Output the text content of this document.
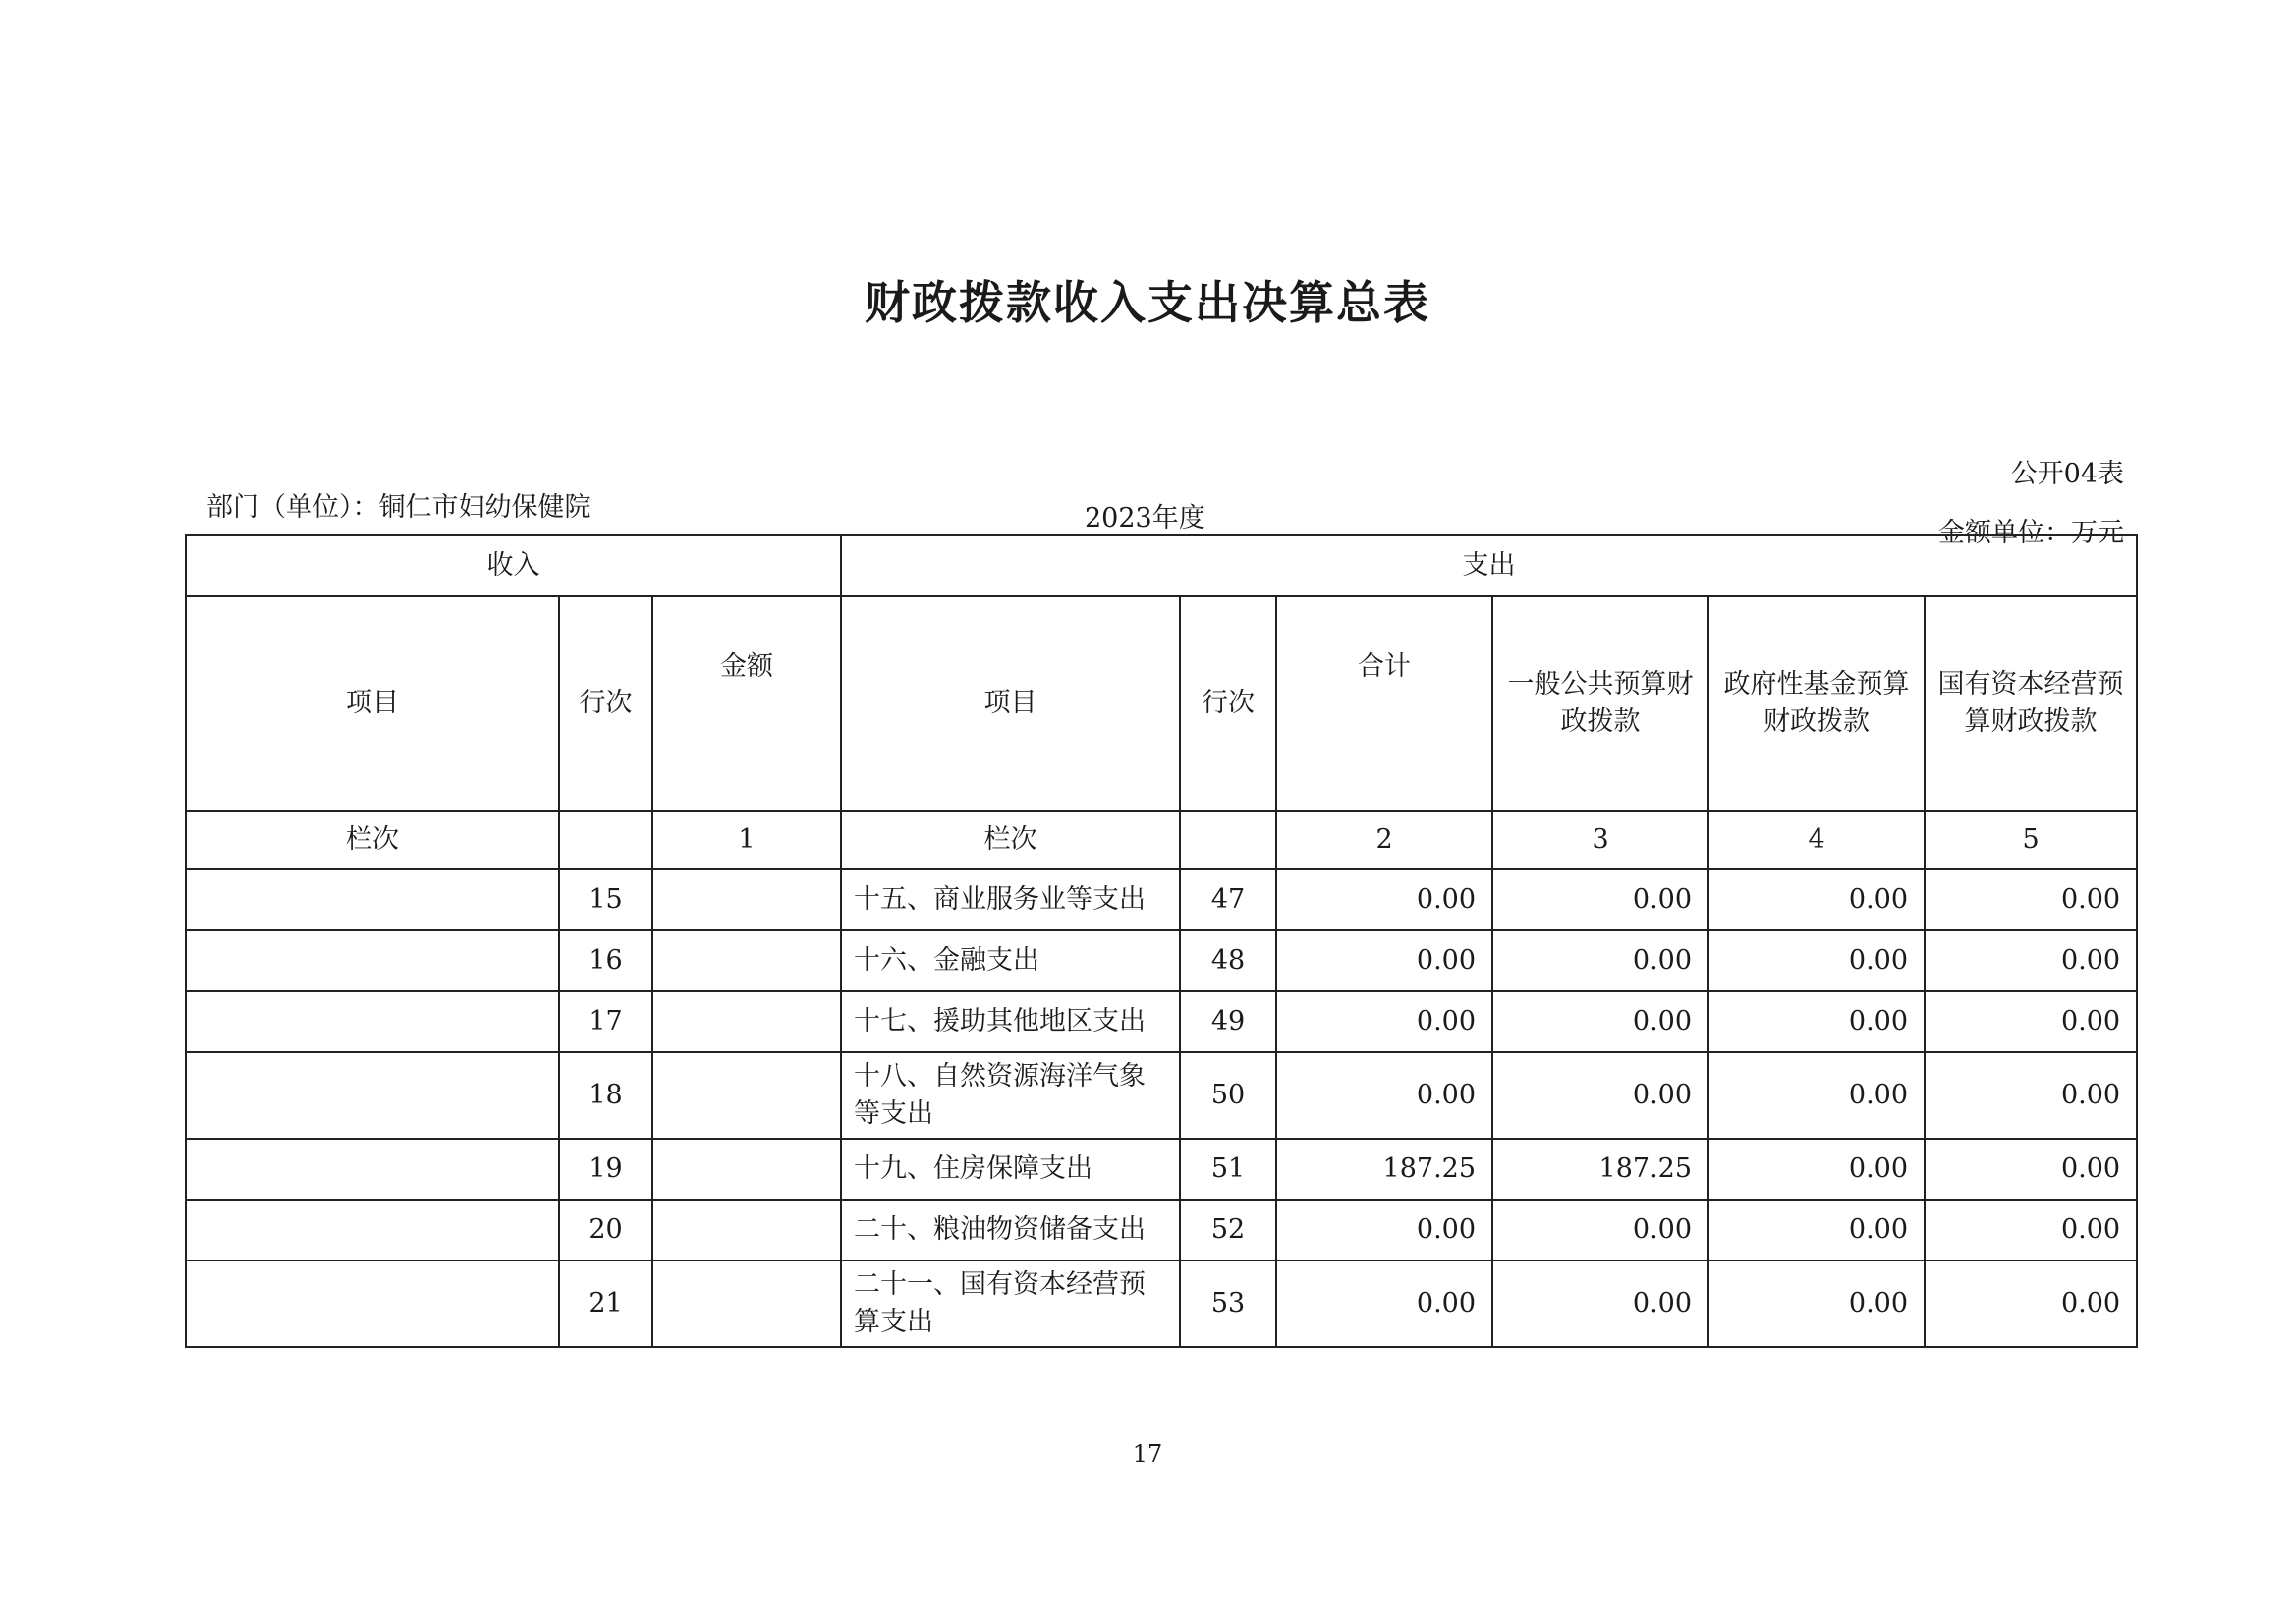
财政拨款收入支出决算总表
公开04表
部门（单位）：铜仁市妇幼保健院	2023年度	金额单位：万元
收入			支出					
项目	行次	金额	项目	行次	合计	一般公共预算财政拨款	政府性基金预算财政拨款	国有资本经营预算财政拨款
栏次		1	栏次		2	3	4	5
	15		十五、商业服务业等支出	47	0.00	0.00	0.00	0.00
	16		十六、金融支出	48	0.00	0.00	0.00	0.00
	17		十七、援助其他地区支出	49	0.00	0.00	0.00	0.00
	18		十八、自然资源海洋气象等支出	50	0.00	0.00	0.00	0.00
	19		十九、住房保障支出	51	187.25	187.25	0.00	0.00
	20		二十、粮油物资储备支出	52	0.00	0.00	0.00	0.00
	21		二十一、国有资本经营预算支出	53	0.00	0.00	0.00	0.00
17
